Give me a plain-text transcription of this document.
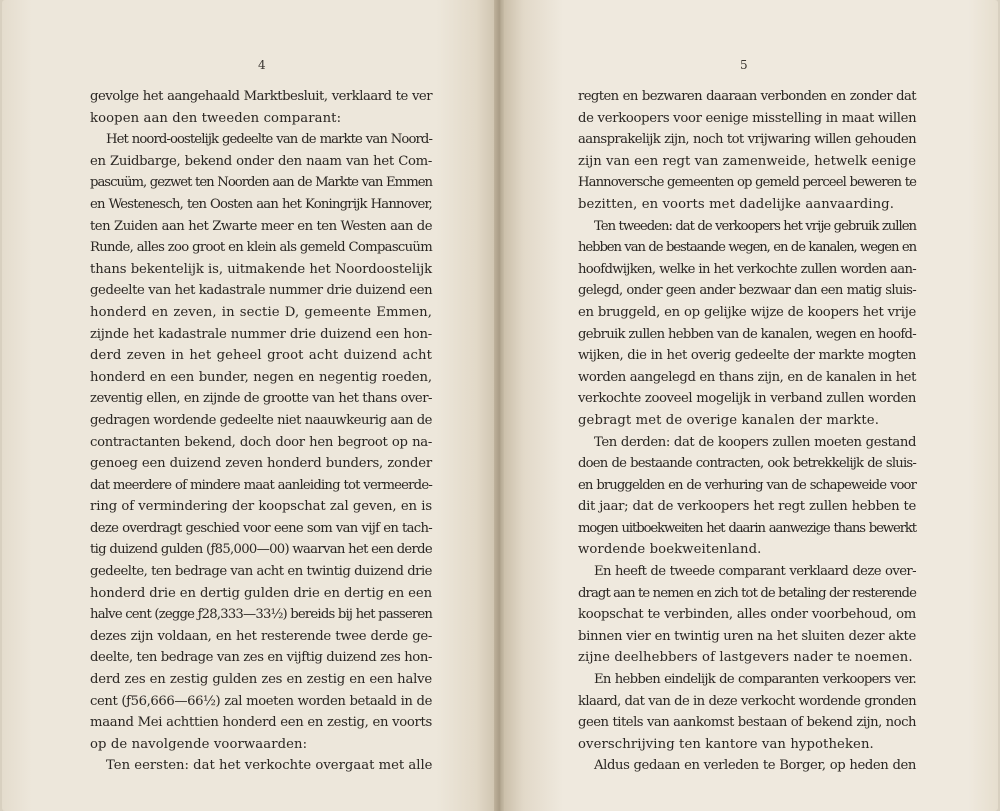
4
gevolge het aangehaald Marktbesluit, verklaard te ver
koopen aan den tweeden comparant:
Het noord-oostelijk gedeelte van de markte van Noord-
en Zuidbarge, bekend onder den naam van het Com-
pascuüm, gezwet ten Noorden aan de Markte van Emmen
en Westenesch, ten Oosten aan het Koningrijk Hannover,
ten Zuiden aan het Zwarte meer en ten Westen aan de
Runde, alles zoo groot en klein als gemeld Compascuüm
thans bekentelijk is, uitmakende het Noordoostelijk
gedeelte van het kadastrale nummer drie duizend een
honderd en zeven, in sectie D, gemeente Emmen,
zijnde het kadastrale nummer drie duizend een hon-
derd zeven in het geheel groot acht duizend acht
honderd en een bunder, negen en negentig roeden,
zeventig ellen, en zijnde de grootte van het thans over-
gedragen wordende gedeelte niet naauwkeurig aan de
contractanten bekend, doch door hen begroot op na-
genoeg een duizend zeven honderd bunders, zonder
dat meerdere of mindere maat aanleiding tot vermeerde-
ring of vermindering der koopschat zal geven, en is
deze overdragt geschied voor eene som van vijf en tach-
tig duizend gulden (ƒ85,000—00) waarvan het een derde
gedeelte, ten bedrage van acht en twintig duizend drie
honderd drie en dertig gulden drie en dertig en een
halve cent (zegge ƒ28,333—33½) bereids bij het passeren
dezes zijn voldaan, en het resterende twee derde ge-
deelte, ten bedrage van zes en vijftig duizend zes hon-
derd zes en zestig gulden zes en zestig en een halve
cent (ƒ56,666—66½) zal moeten worden betaald in de
maand Mei achttien honderd een en zestig, en voorts
op de navolgende voorwaarden:
Ten eersten: dat het verkochte overgaat met alle
5
regten en bezwaren daaraan verbonden en zonder dat
de verkoopers voor eenige misstelling in maat willen
aansprakelijk zijn, noch tot vrijwaring willen gehouden
zijn van een regt van zamenweide, hetwelk eenige
Hannoversche gemeenten op gemeld perceel beweren te
bezitten, en voorts met dadelijke aanvaarding.
Ten tweeden: dat de verkoopers het vrije gebruik zullen
hebben van de bestaande wegen, en de kanalen, wegen en
hoofdwijken, welke in het verkochte zullen worden aan-
gelegd, onder geen ander bezwaar dan een matig sluis-
en bruggeld, en op gelijke wijze de koopers het vrije
gebruik zullen hebben van de kanalen, wegen en hoofd-
wijken, die in het overig gedeelte der markte mogten
worden aangelegd en thans zijn, en de kanalen in het
verkochte zooveel mogelijk in verband zullen worden
gebragt met de overige kanalen der markte.
Ten derden: dat de koopers zullen moeten gestand
doen de bestaande contracten, ook betrekkelijk de sluis-
en bruggelden en de verhuring van de schapeweide voor
dit jaar; dat de verkoopers het regt zullen hebben te
mogen uitboekweiten het daarin aanwezige thans bewerkt
wordende boekweitenland.
En heeft de tweede comparant verklaard deze over-
dragt aan te nemen en zich tot de betaling der resterende
koopschat te verbinden, alles onder voorbehoud, om
binnen vier en twintig uren na het sluiten dezer akte
zijne deelhebbers of lastgevers nader te noemen.
En hebben eindelijk de comparanten verkoopers ver.
klaard, dat van de in deze verkocht wordende gronden
geen titels van aankomst bestaan of bekend zijn, noch
overschrijving ten kantore van hypotheken.
Aldus gedaan en verleden te Borger, op heden den
